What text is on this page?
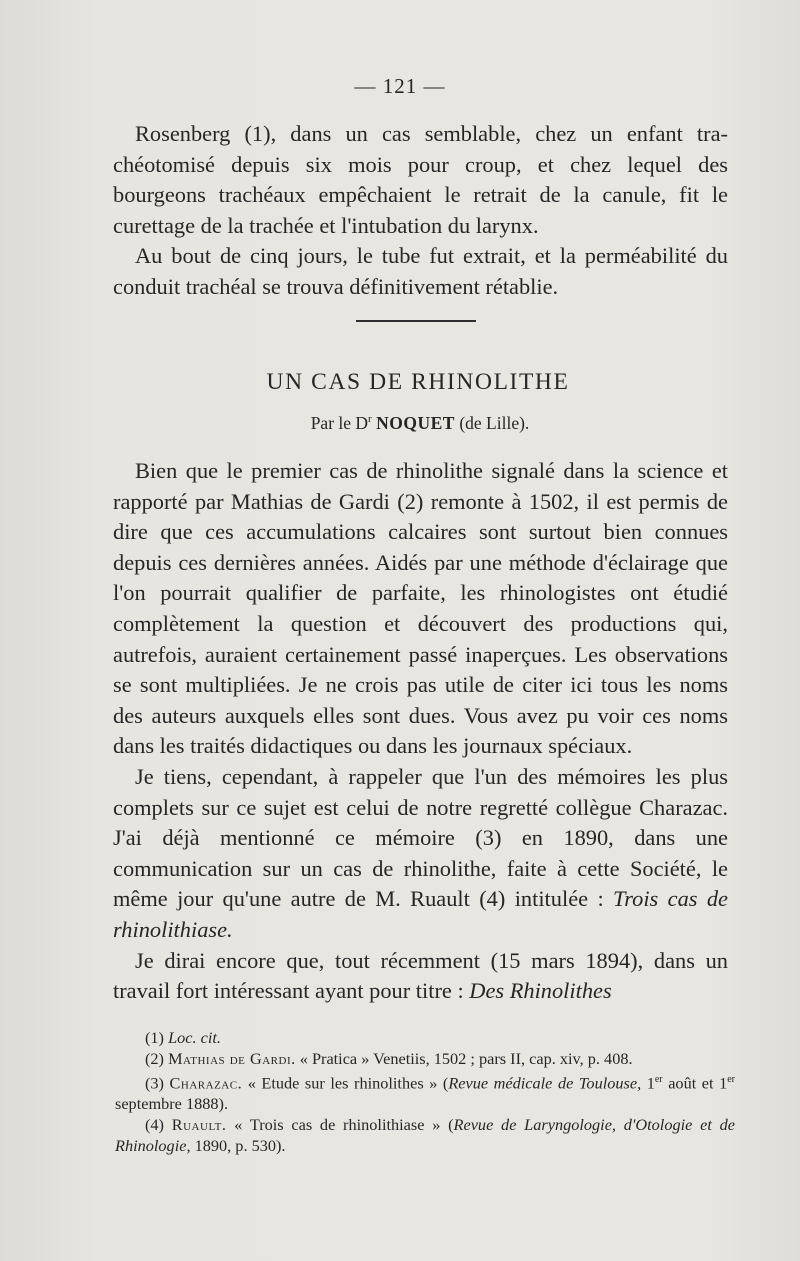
— 121 —

Rosenberg (1), dans un cas semblable, chez un enfant trachéotomisé depuis six mois pour croup, et chez lequel des bourgeons trachéaux empêchaient le retrait de la canule, fit le curettage de la trachée et l'intubation du larynx.

Au bout de cinq jours, le tube fut extrait, et la perméabilité du conduit trachéal se trouva définitivement rétablie.

UN CAS DE RHINOLITHE
Par le $D^r$ NOQUET (de Lille).

Bien que le premier cas de rhinolithe signalé dans la science et rapporté par Mathias de Gardi (2) remonte à 1502, il est permis de dire que ces accumulations calcaires sont surtout bien connues depuis ces dernières années. Aidés par une méthode d'éclairage que l'on pourrait qualifier de parfaite, les rhinologistes ont étudié complètement la question et découvert des productions qui, autrefois, auraient certainement passé inaperçues. Les observations se sont multipliées. Je ne crois pas utile de citer ici tous les noms des auteurs auxquels elles sont dues. Vous avez pu voir ces noms dans les traités didactiques ou dans les journaux spéciaux.

Je tiens, cependant, à rappeler que l'un des mémoires les plus complets sur ce sujet est celui de notre regretté collègue Charazac. J'ai déjà mentionné ce mémoire (3) en 1890, dans une communication sur un cas de rhinolithe, faite à cette Société, le même jour qu'une autre de M. Ruault (4) intitulée : Trois cas de rhinolithiase.

Je dirai encore que, tout récemment (15 mars 1894), dans un travail fort intéressant ayant pour titre : Des Rhinolithes

(1) Loc. cit.

(2) Mathias de Gardi. « Pratica » Venetiis, 1502 ; pars II, cap. xiv, p. 408.

(3) Charazac. « Etude sur les rhinolithes » (Revue médicale de Toulouse, 1er août et 1er septembre 1888).

(4) Ruault. « Trois cas de rhinolithiase » (Revue de Laryngologie, d'Otologie et de Rhinologie, 1890, p. 530).
